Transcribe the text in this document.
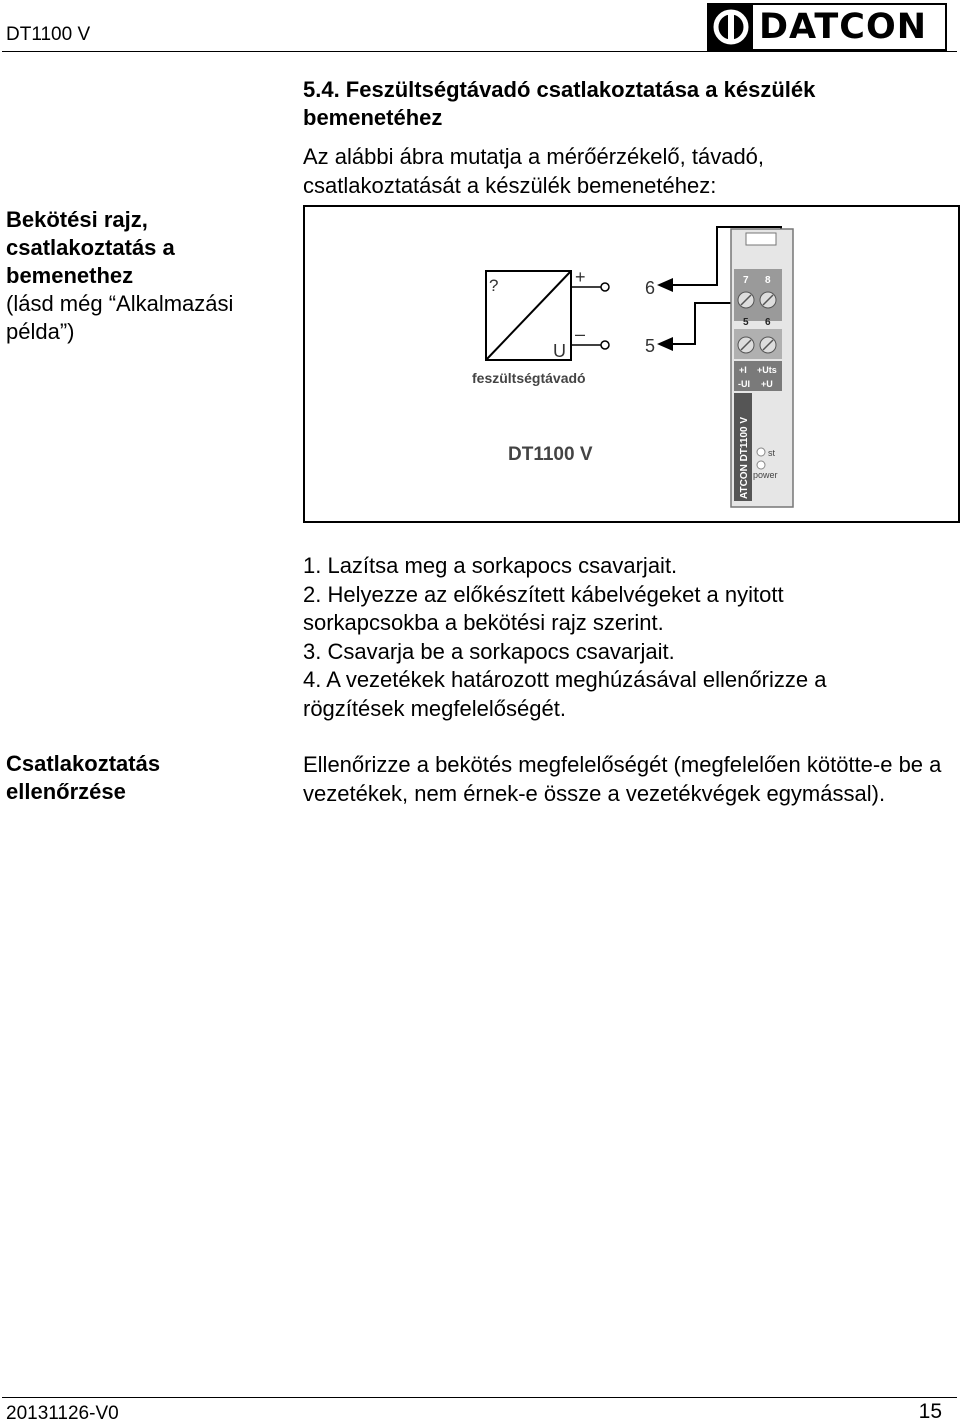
DT1100 V	DATCON
5.4. Feszültségtávadó csatlakoztatása a készülék bemenetéhez
Az alábbi ábra mutatja a mérőérzékelő, távadó, csatlakoztatását a készülék bemenetéhez:
Bekötési rajz, csatlakoztatás a bemenethez
(lásd még “Alkalmazási példa”)
?
U
+
–
feszültségtávadó
6
5
7 8
5 6
+I +Uts
-UI +U
ATCON DT1100 V st
power
DT1100 V
1. Lazítsa meg a sorkapocs csavarjait.
2. Helyezze az előkészített kábelvégeket a nyitott sorkapcsokba a bekötési rajz szerint.
3. Csavarja be a sorkapocs csavarjait.
4. A vezetékek határozott meghúzásával ellenőrizze a rögzítések megfelelőségét.
Csatlakoztatás
ellenőrzése
Ellenőrizze a bekötés megfelelőségét (megfelelően kötötte-e be a vezetékek, nem érnek-e össze a vezetékvégek egymással).
20131126-V0	15
